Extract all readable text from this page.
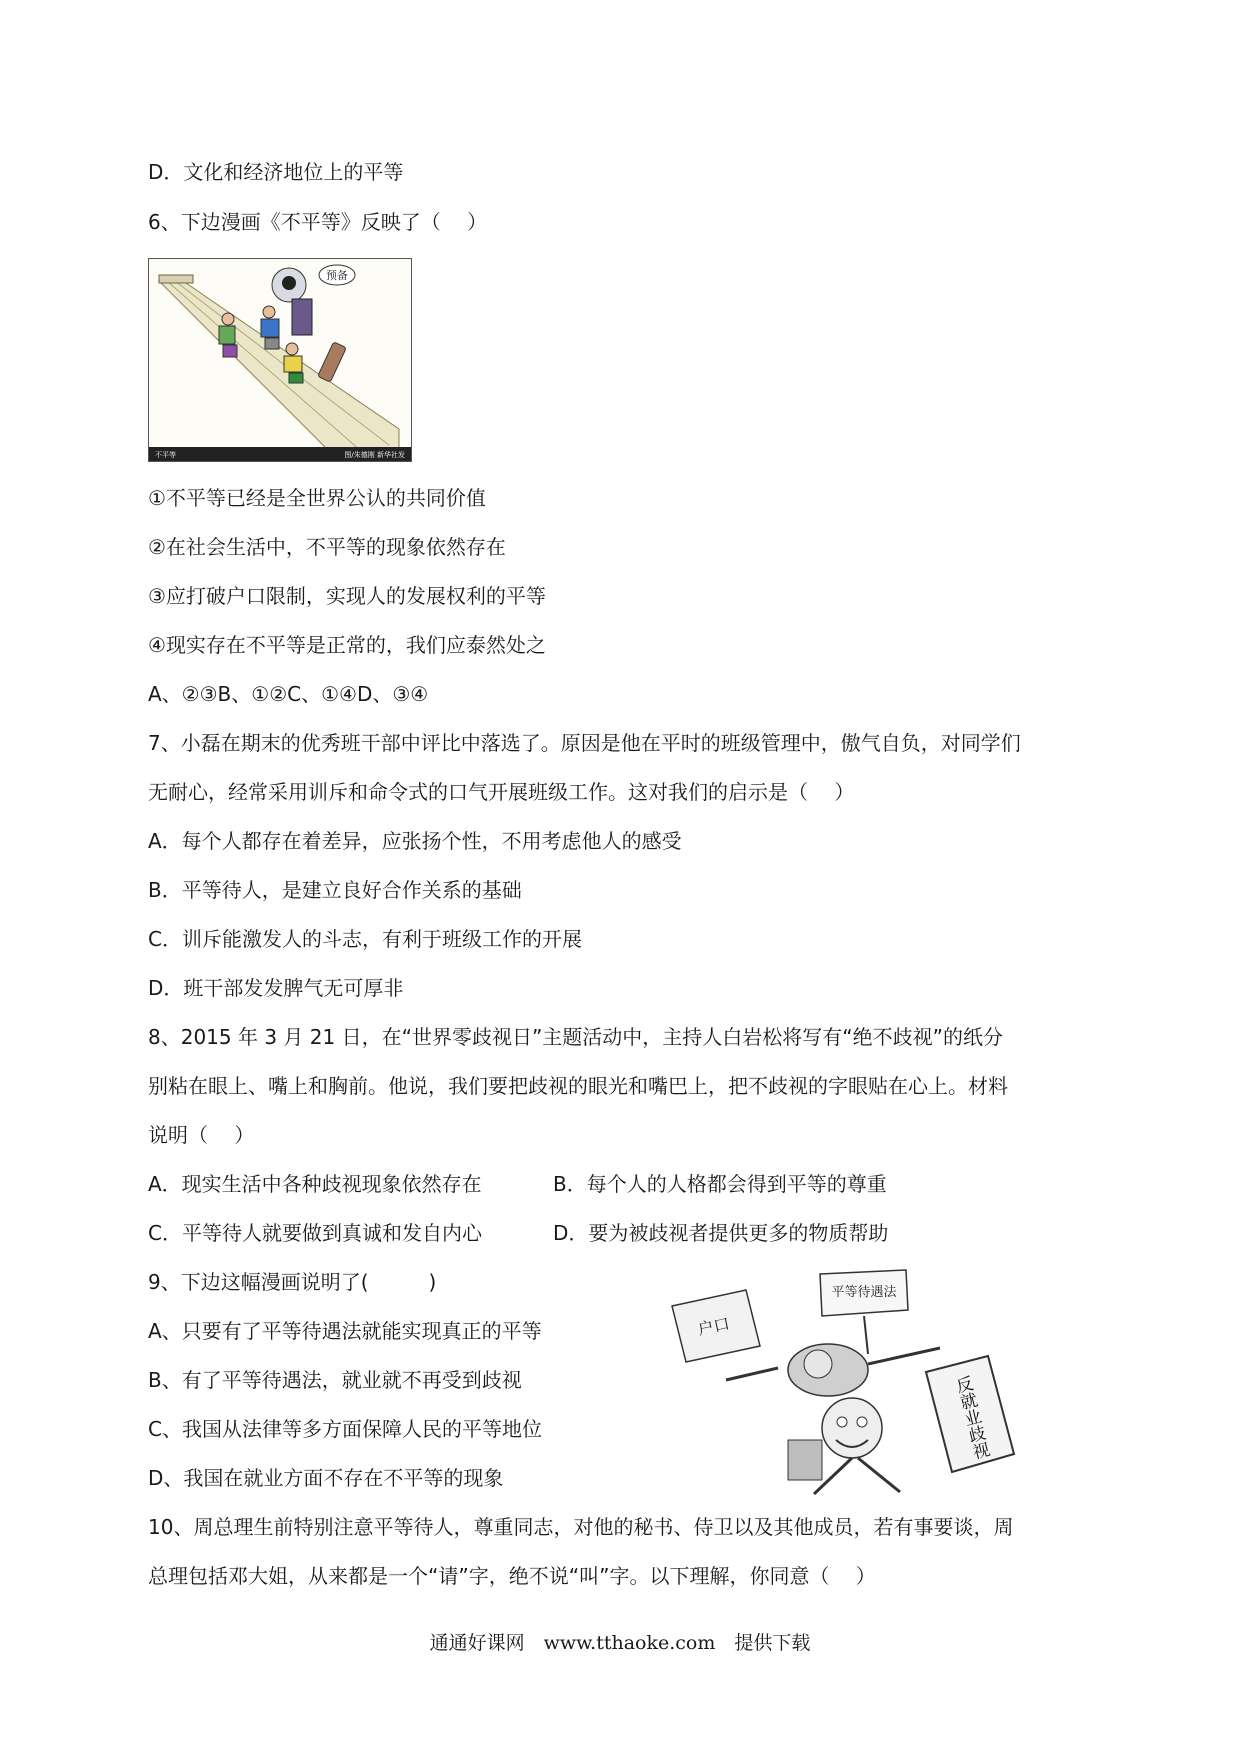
D．文化和经济地位上的平等
6、下边漫画《不平等》反映了（　 ）
预备
不平等	图/朱德刚 新华社发
①不平等已经是全世界公认的共同价值
②在社会生活中，不平等的现象依然存在
③应打破户口限制，实现人的发展权利的平等
④现实存在不平等是正常的，我们应泰然处之
A、②③B、①②C、①④D、③④
7、小磊在期末的优秀班干部中评比中落选了。原因是他在平时的班级管理中，傲气自负，对同学们
无耐心，经常采用训斥和命令式的口气开展班级工作。这对我们的启示是（　 ）
A．每个人都存在着差异，应张扬个性，不用考虑他人的感受
B．平等待人，是建立良好合作关系的基础
C．训斥能激发人的斗志，有利于班级工作的开展
D．班干部发发脾气无可厚非
8、2015 年 3 月 21 日，在“世界零歧视日”主题活动中，主持人白岩松将写有“绝不歧视”的纸分
别粘在眼上、嘴上和胸前。他说，我们要把歧视的眼光和嘴巴上，把不歧视的字眼贴在心上。材料
说明（　 ）
A．现实生活中各种歧视现象依然存在	B．每个人的人格都会得到平等的尊重
C．平等待人就要做到真诚和发自内心	D．要为被歧视者提供更多的物质帮助
9、下边这幅漫画说明了(　　　)
A、只要有了平等待遇法就能实现真正的平等
B、有了平等待遇法，就业就不再受到歧视
C、我国从法律等多方面保障人民的平等地位
D、我国在就业方面不存在不平等的现象
户口
平等待遇法
反就业歧视
10、周总理生前特别注意平等待人，尊重同志，对他的秘书、侍卫以及其他成员，若有事要谈，周
总理包括邓大姐，从来都是一个“请”字，绝不说“叫”字。以下理解，你同意（　 ）
通通好课网　www.tthaoke.com　提供下载
